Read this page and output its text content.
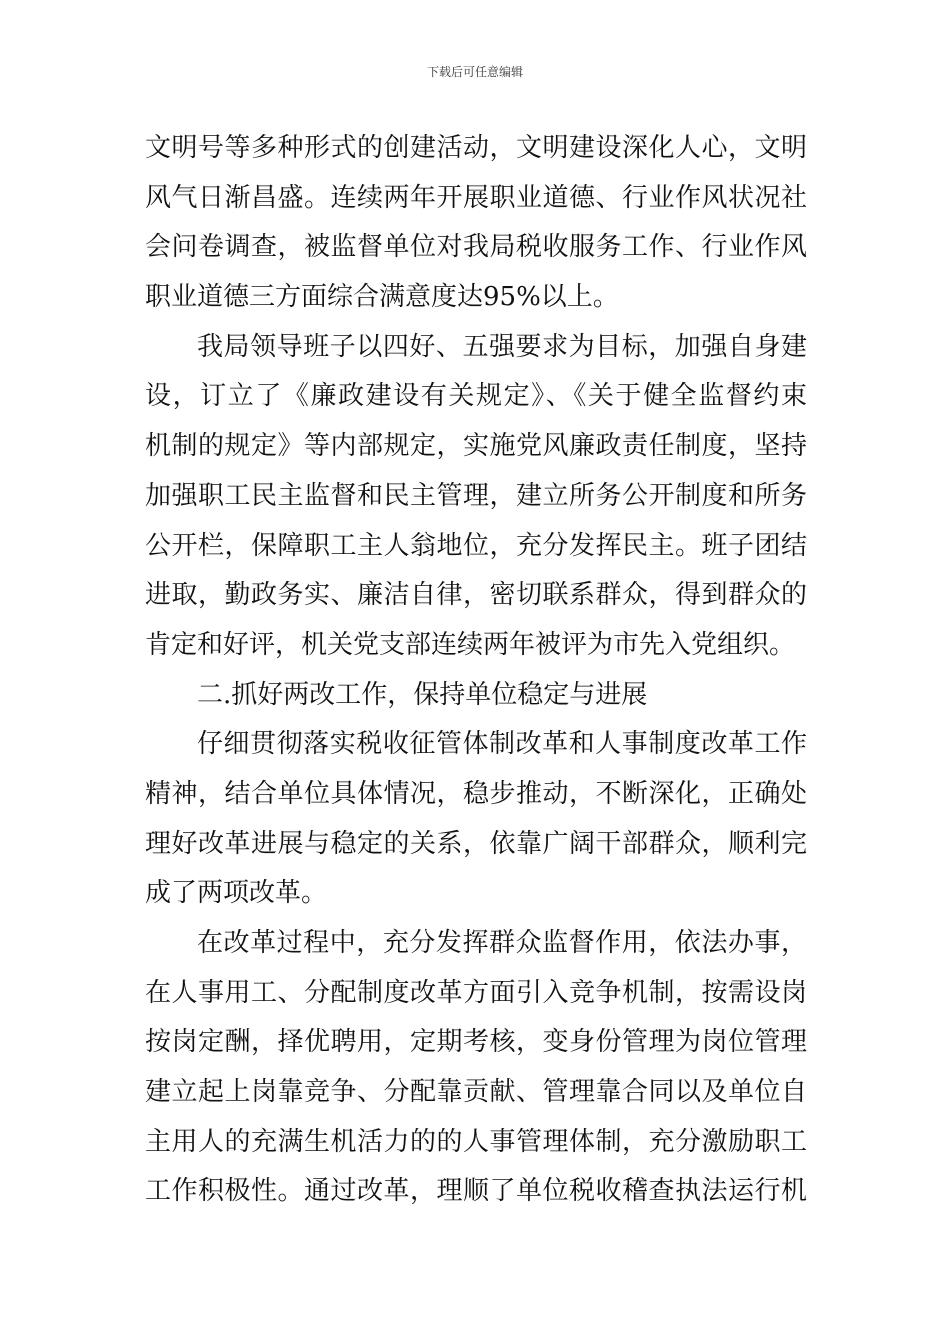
下载后可任意编辑
文明号等多种形式的创建活动，文明建设深化人心，文明
风气日渐昌盛。连续两年开展职业道德、行业作风状况社
会问卷调查，被监督单位对我局税收服务工作、行业作风
职业道德三方面综合满意度达95%以上。
我局领导班子以四好、五强要求为目标，加强自身建
设，订立了《廉政建设有关规定》、《关于健全监督约束
机制的规定》等内部规定，实施党风廉政责任制度，坚持
加强职工民主监督和民主管理，建立所务公开制度和所务
公开栏，保障职工主人翁地位，充分发挥民主。班子团结
进取，勤政务实、廉洁自律，密切联系群众，得到群众的
肯定和好评，机关党支部连续两年被评为市先入党组织。
二.抓好两改工作，保持单位稳定与进展
仔细贯彻落实税收征管体制改革和人事制度改革工作
精神，结合单位具体情况，稳步推动，不断深化，正确处
理好改革进展与稳定的关系，依靠广阔干部群众，顺利完
成了两项改革。
在改革过程中，充分发挥群众监督作用，依法办事，
在人事用工、分配制度改革方面引入竞争机制，按需设岗
按岗定酬，择优聘用，定期考核，变身份管理为岗位管理
建立起上岗靠竞争、分配靠贡献、管理靠合同以及单位自
主用人的充满生机活力的的人事管理体制，充分激励职工
工作积极性。通过改革，理顺了单位税收稽查执法运行机
